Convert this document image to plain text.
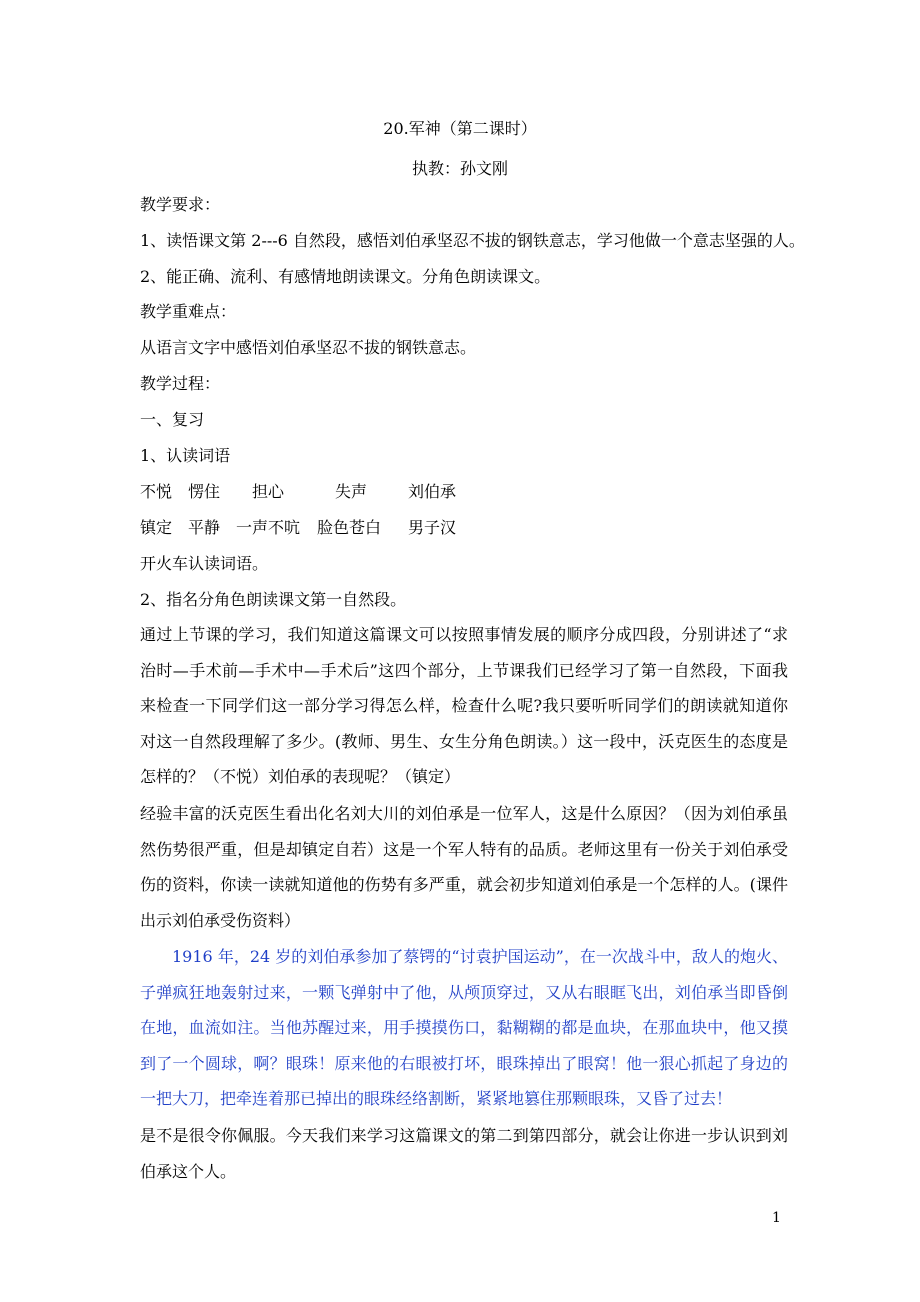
20.军神（第二课时）
执教：孙文刚
教学要求：
1、读悟课文第 2---6 自然段，感悟刘伯承坚忍不拔的钢铁意志，学习他做一个意志坚强的人。
2、能正确、流利、有感情地朗读课文。分角色朗读课文。
教学重难点：
从语言文字中感悟刘伯承坚忍不拔的钢铁意志。
教学过程：
一、复习
1、认读词语
不悦 愣住 担心	失声	刘伯承
镇定 平静 一声不吭 脸色苍白 男子汉
开火车认读词语。
2、指名分角色朗读课文第一自然段。

通过上节课的学习，我们知道这篇课文可以按照事情发展的顺序分成四段，分别讲述了“求治时—手术前—手术中—手术后”这四个部分，上节课我们已经学习了第一自然段，下面我来检查一下同学们这一部分学习得怎么样，检查什么呢?我只要听听同学们的朗读就知道你对这一自然段理解了多少。(教师、男生、女生分角色朗读。）这一段中，沃克医生的态度是怎样的？（不悦）刘伯承的表现呢？（镇定）

经验丰富的沃克医生看出化名刘大川的刘伯承是一位军人，这是什么原因？（因为刘伯承虽然伤势很严重，但是却镇定自若）这是一个军人特有的品质。老师这里有一份关于刘伯承受伤的资料，你读一读就知道他的伤势有多严重，就会初步知道刘伯承是一个怎样的人。(课件出示刘伯承受伤资料）

1916 年，24 岁的刘伯承参加了蔡锷的“讨袁护国运动”，在一次战斗中，敌人的炮火、子弹疯狂地轰射过来，一颗飞弹射中了他，从颅顶穿过，又从右眼眶飞出，刘伯承当即昏倒在地，血流如注。当他苏醒过来，用手摸摸伤口，黏糊糊的都是血块，在那血块中，他又摸到了一个圆球，啊？眼珠！原来他的右眼被打坏，眼珠掉出了眼窝！他一狠心抓起了身边的一把大刀，把牵连着那已掉出的眼珠经络割断，紧紧地篡住那颗眼珠，又昏了过去！

是不是很令你佩服。今天我们来学习这篇课文的第二到第四部分，就会让你进一步认识到刘伯承这个人。

1
